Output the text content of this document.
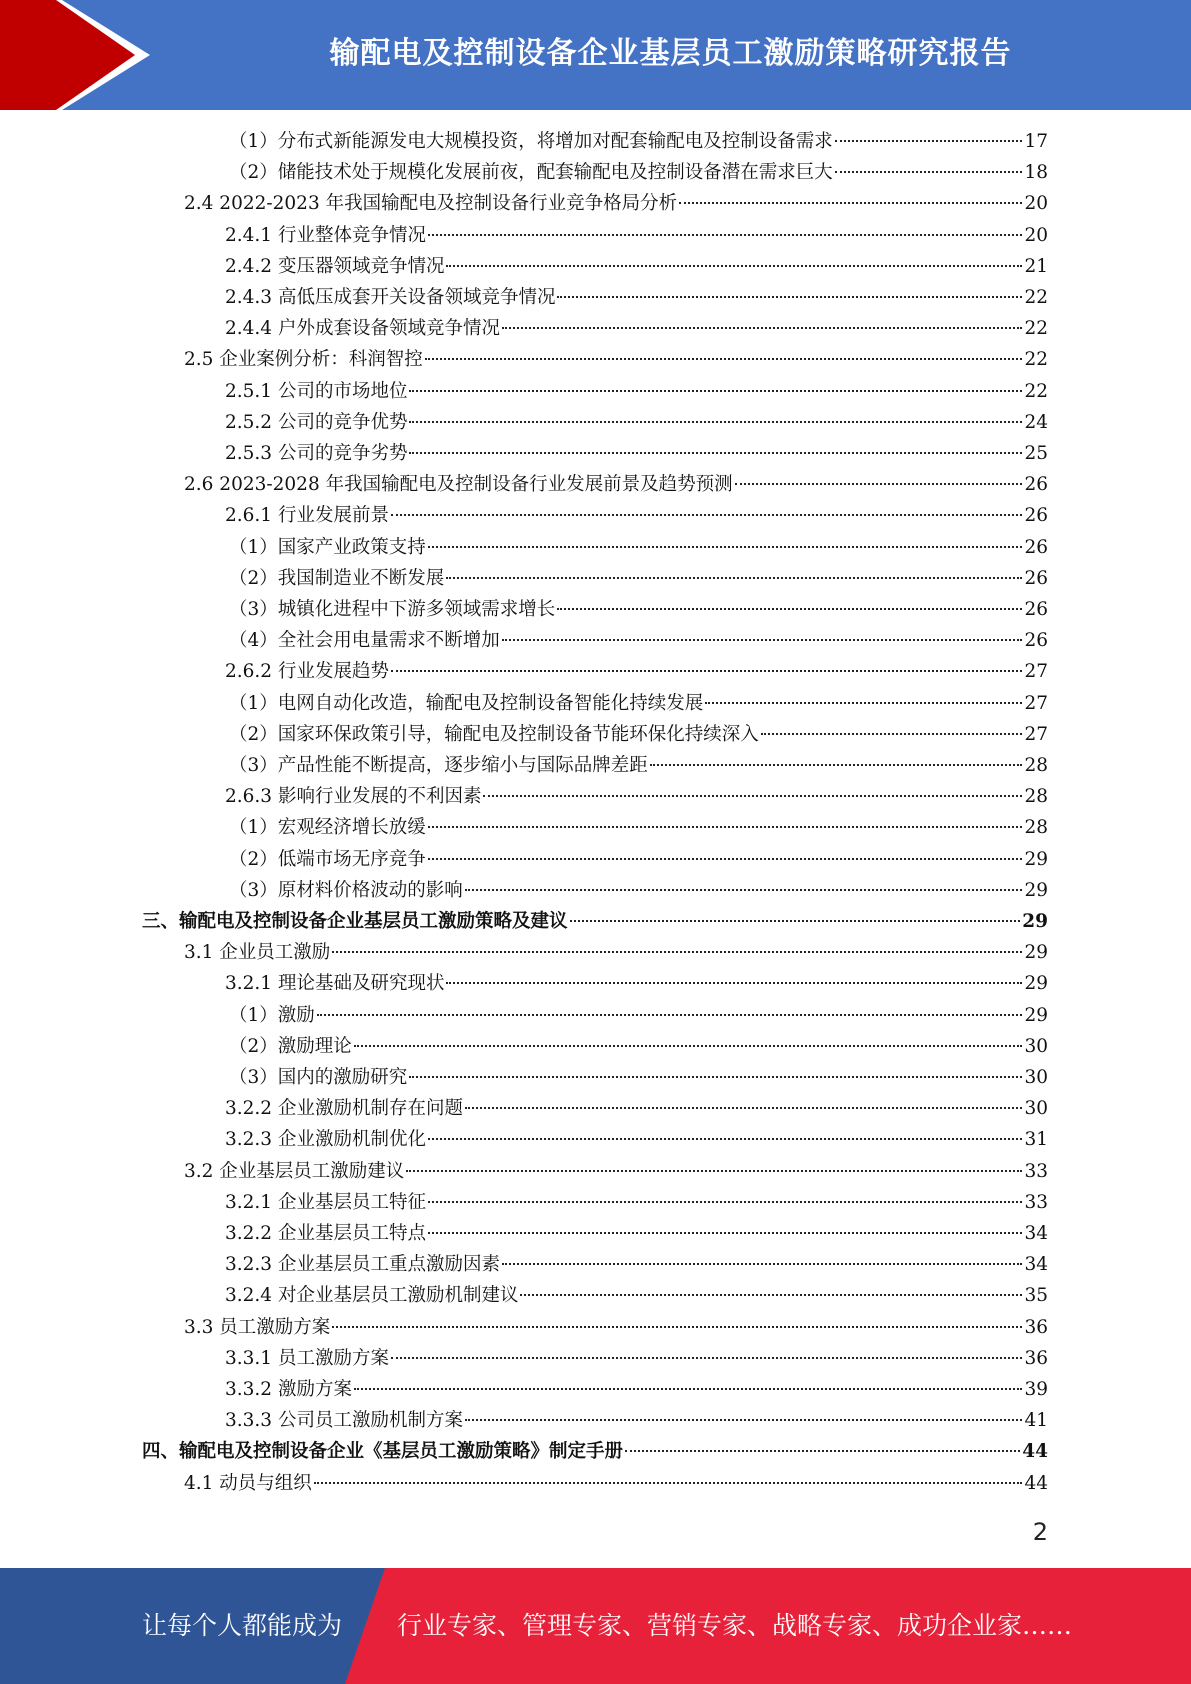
输配电及控制设备企业基层员工激励策略研究报告
（1）分布式新能源发电大规模投资，将增加对配套输配电及控制设备需求	17
（2）储能技术处于规模化发展前夜，配套输配电及控制设备潜在需求巨大	18
2.4 2022-2023 年我国输配电及控制设备行业竞争格局分析	20
2.4.1 行业整体竞争情况	20
2.4.2 变压器领域竞争情况	21
2.4.3 高低压成套开关设备领域竞争情况	22
2.4.4 户外成套设备领域竞争情况	22
2.5 企业案例分析：科润智控	22
2.5.1 公司的市场地位	22
2.5.2 公司的竞争优势	24
2.5.3 公司的竞争劣势	25
2.6 2023-2028 年我国输配电及控制设备行业发展前景及趋势预测	26
2.6.1 行业发展前景	26
（1）国家产业政策支持	26
（2）我国制造业不断发展	26
（3）城镇化进程中下游多领域需求增长	26
（4）全社会用电量需求不断增加	26
2.6.2 行业发展趋势	27
（1）电网自动化改造，输配电及控制设备智能化持续发展	27
（2）国家环保政策引导，输配电及控制设备节能环保化持续深入	27
（3）产品性能不断提高，逐步缩小与国际品牌差距	28
2.6.3 影响行业发展的不利因素	28
（1）宏观经济增长放缓	28
（2）低端市场无序竞争	29
（3）原材料价格波动的影响	29
三、输配电及控制设备企业基层员工激励策略及建议	29
3.1 企业员工激励	29
3.2.1 理论基础及研究现状	29
（1）激励	29
（2）激励理论	30
（3）国内的激励研究	30
3.2.2 企业激励机制存在问题	30
3.2.3 企业激励机制优化	31
3.2 企业基层员工激励建议	33
3.2.1 企业基层员工特征	33
3.2.2 企业基层员工特点	34
3.2.3 企业基层员工重点激励因素	34
3.2.4 对企业基层员工激励机制建议	35
3.3 员工激励方案	36
3.3.1 员工激励方案	36
3.3.2 激励方案	39
3.3.3 公司员工激励机制方案	41
四、输配电及控制设备企业《基层员工激励策略》制定手册	44
4.1 动员与组织	44
2
让每个人都能成为 行业专家、管理专家、营销专家、战略专家、成功企业家……
